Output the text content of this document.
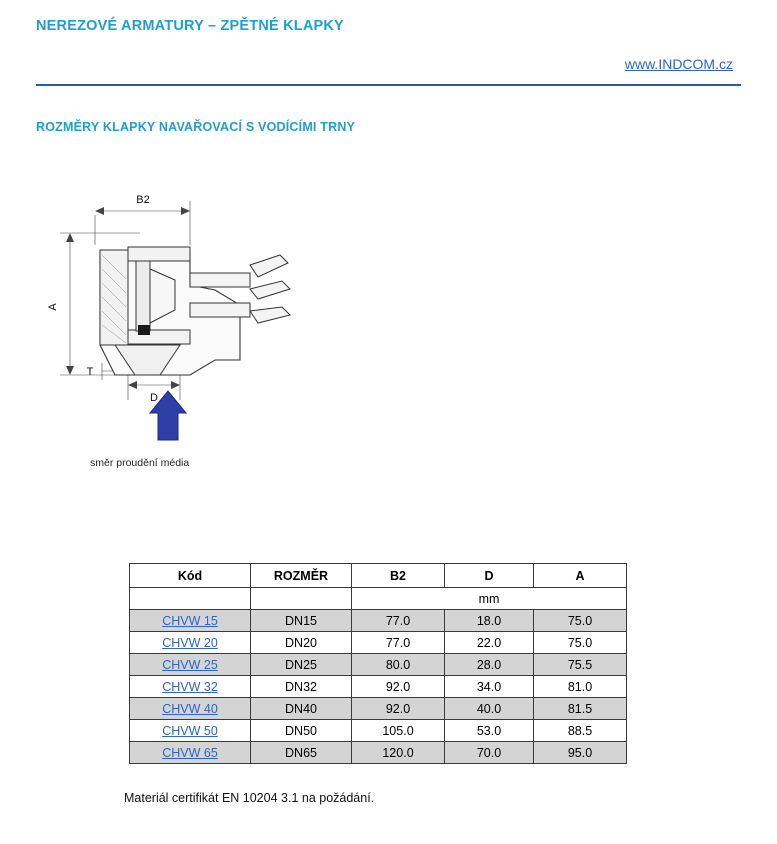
NEREZOVÉ ARMATURY – ZPĚTNÉ KLAPKY
www.INDCOM.cz
ROZMĚRY KLAPKY NAVAŘOVACÍ S VODÍCÍMI TRNY
B2
A
D
T
směr proudění média
Kód	ROZMĚR	B2	D	A
		mm		
CHVW 15	DN15	77.0	18.0	75.0
CHVW 20	DN20	77.0	22.0	75.0
CHVW 25	DN25	80.0	28.0	75.5
CHVW 32	DN32	92.0	34.0	81.0
CHVW 40	DN40	92.0	40.0	81.5
CHVW 50	DN50	105.0	53.0	88.5
CHVW 65	DN65	120.0	70.0	95.0
Materiál certifikát EN 10204 3.1 na požádání.
